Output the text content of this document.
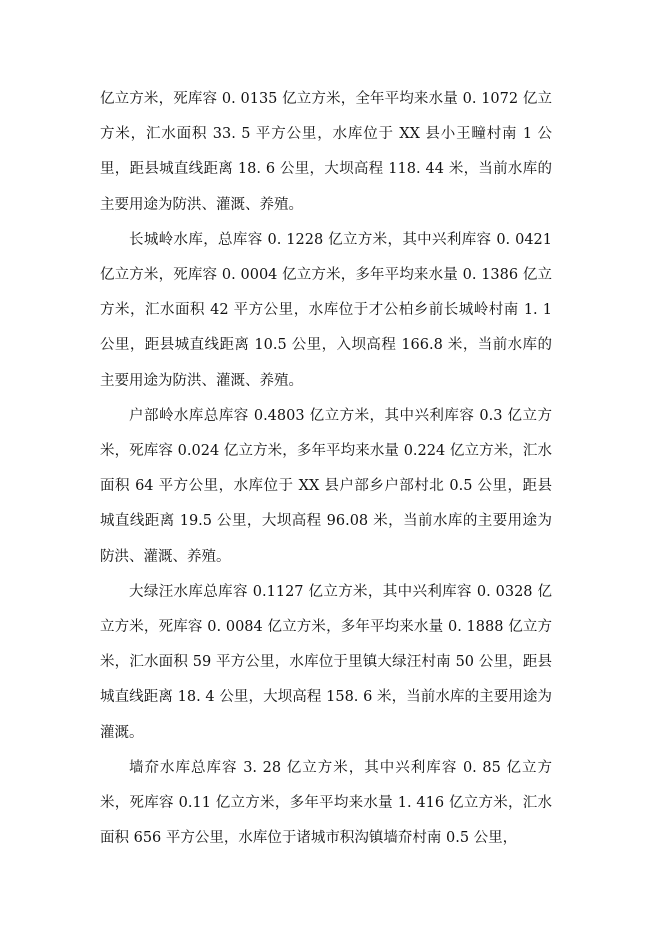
亿立方米，死库容 0. 0135 亿立方米，全年平均来水量 0. 1072 亿立方米，汇水面积 33. 5 平方公里，水库位于 XX 县小王疃村南 1 公里，距县城直线距离 18. 6 公里，大坝高程 118. 44 米，当前水库的主要用途为防洪、灌溉、养殖。

长城岭水库，总库容 0. 1228 亿立方米，其中兴利库容 0. 0421 亿立方米，死库容 0. 0004 亿立方米，多年平均来水量 0. 1386 亿立方米，汇水面积 42 平方公里，水库位于才公柏乡前长城岭村南 1. 1 公里，距县城直线距离 10.5 公里，入坝高程 166.8 米，当前水库的主要用途为防洪、灌溉、养殖。

户部岭水库总库容 0.4803 亿立方米，其中兴利库容 0.3 亿立方米，死库容 0.024 亿立方米，多年平均来水量 0.224 亿立方米，汇水面积 64 平方公里，水库位于 XX 县户部乡户部村北 0.5 公里，距县城直线距离 19.5 公里，大坝高程 96.08 米，当前水库的主要用途为防洪、灌溉、养殖。

大绿汪水库总库容 0.1127 亿立方米，其中兴利库容 0. 0328 亿立方米，死库容 0. 0084 亿立方米，多年平均来水量 0. 1888 亿立方米，汇水面积 59 平方公里，水库位于里镇大绿汪村南 50 公里，距县城直线距离 18. 4 公里，大坝高程 158. 6 米，当前水库的主要用途为灌溉。

墙夼水库总库容 3. 28 亿立方米，其中兴利库容 0. 85 亿立方米，死库容 0.11 亿立方米，多年平均来水量 1. 416 亿立方米，汇水面积 656 平方公里，水库位于诸城市积沟镇墙夼村南 0.5 公里，
